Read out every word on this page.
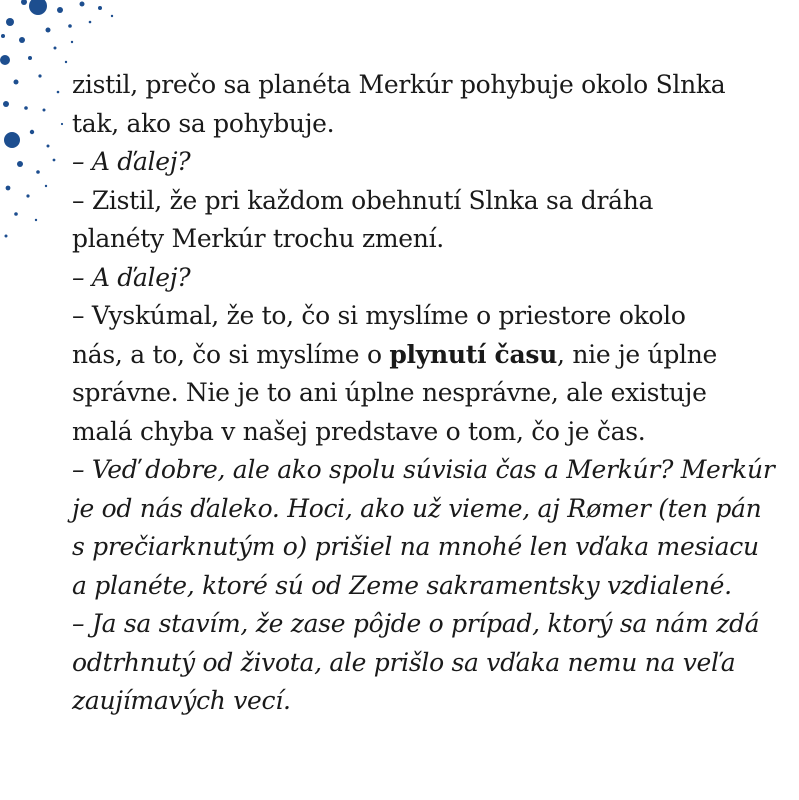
zistil, prečo sa planéta Merkúr pohybuje okolo Slnka
tak, ako sa pohybuje.
– A ďalej?
– Zistil, že pri každom obehnutí Slnka sa dráha
planéty Merkúr trochu zmení.
– A ďalej?
– Vyskúmal, že to, čo si myslíme o priestore okolo
nás, a to, čo si myslíme o plynutí času, nie je úplne
správne. Nie je to ani úplne nesprávne, ale existuje
malá chyba v našej predstave o tom, čo je čas.
– Veď dobre, ale ako spolu súvisia čas a Merkúr? Merkúr
je od nás ďaleko. Hoci, ako už vieme, aj Rømer (ten pán
s prečiarknutým o) prišiel na mnohé len vďaka mesiacu
a planéte, ktoré sú od Zeme sakramentsky vzdialené.
– Ja sa stavím, že zase pôjde o prípad, ktorý sa nám zdá
odtrhnutý od života, ale prišlo sa vďaka nemu na veľa
zaujímavých vecí.
